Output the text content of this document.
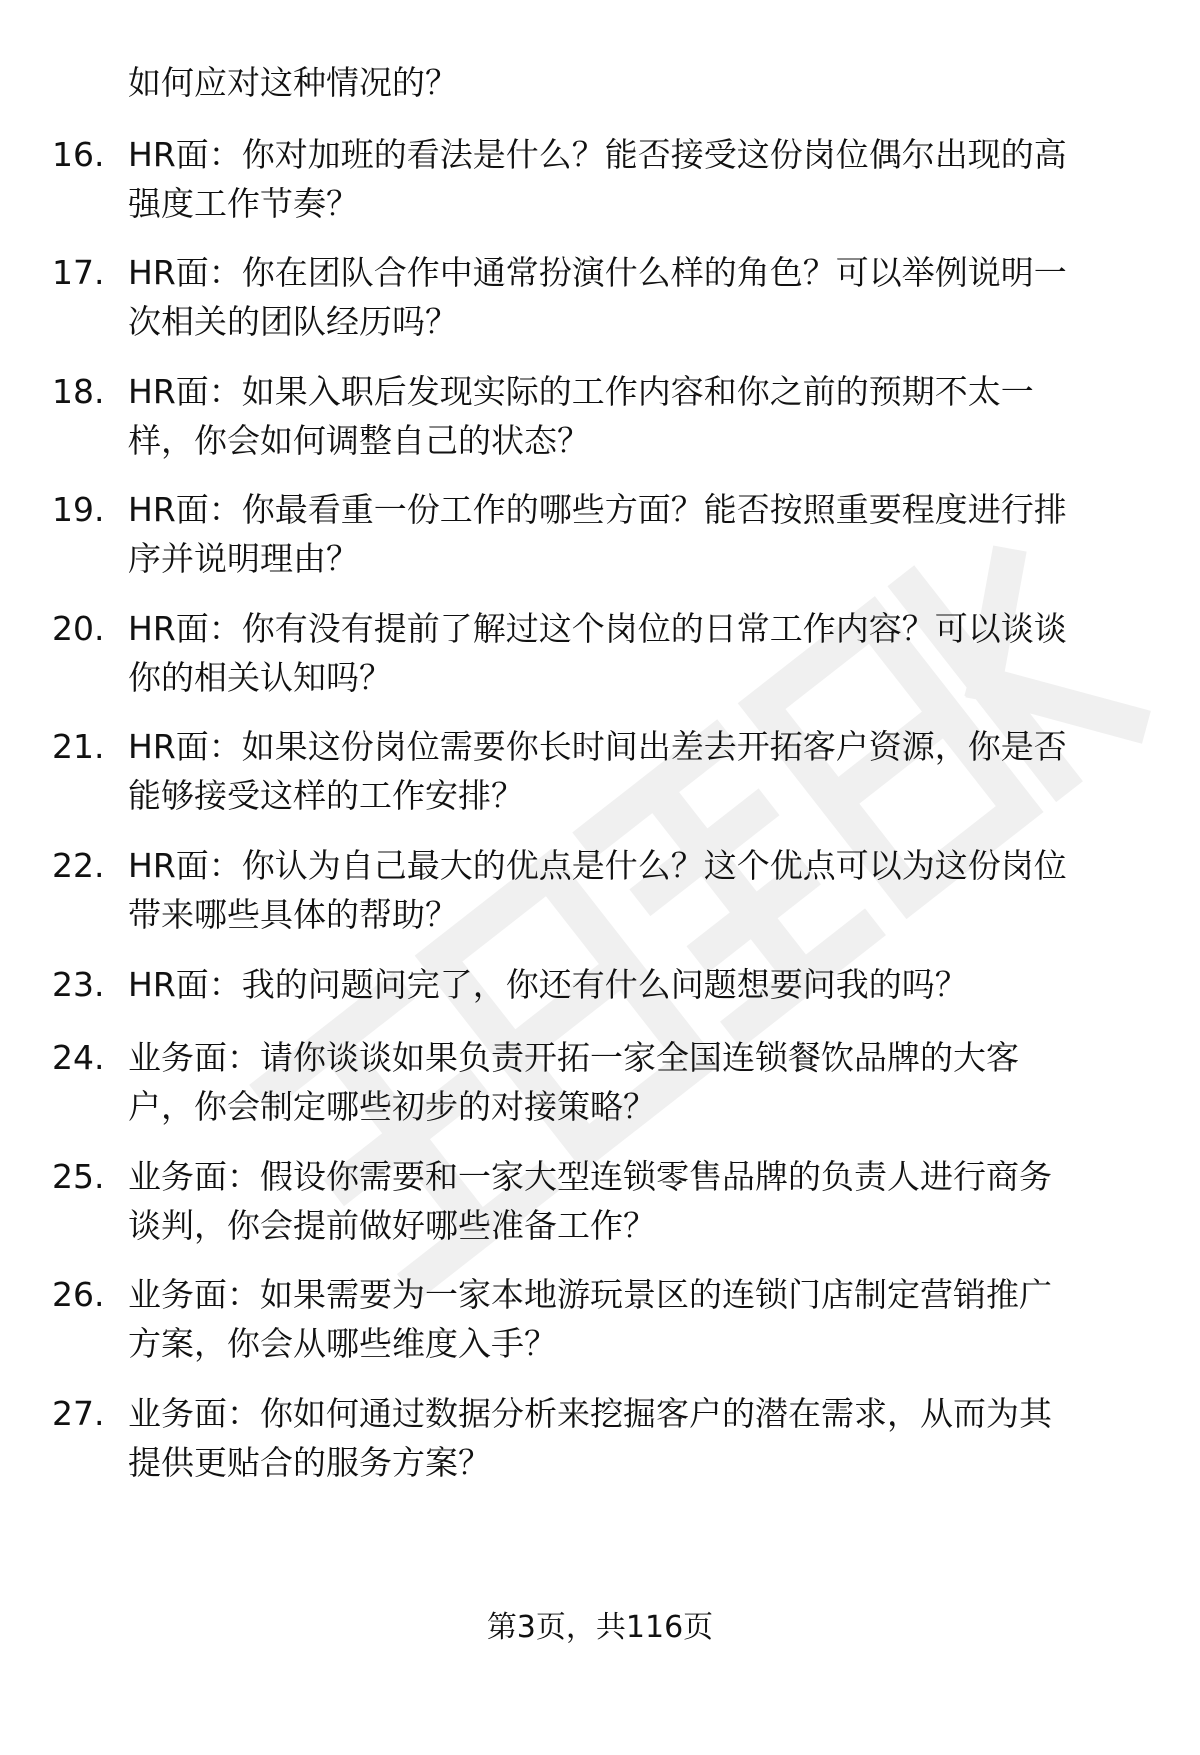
如何应对这种情况的？
16. HR面：你对加班的看法是什么？能否接受这份岗位偶尔出现的高
强度工作节奏？
17. HR面：你在团队合作中通常扮演什么样的角色？可以举例说明一
次相关的团队经历吗？
18. HR面：如果入职后发现实际的工作内容和你之前的预期不太一
样，你会如何调整自己的状态？
19. HR面：你最看重一份工作的哪些方面？能否按照重要程度进行排
序并说明理由？
20. HR面：你有没有提前了解过这个岗位的日常工作内容？可以谈谈
你的相关认知吗？
21. HR面：如果这份岗位需要你长时间出差去开拓客户资源，你是否
能够接受这样的工作安排？
22. HR面：你认为自己最大的优点是什么？这个优点可以为这份岗位
带来哪些具体的帮助？
23. HR面：我的问题问完了，你还有什么问题想要问我的吗？
24. 业务面：请你谈谈如果负责开拓一家全国连锁餐饮品牌的大客
户，你会制定哪些初步的对接策略？
25. 业务面：假设你需要和一家大型连锁零售品牌的负责人进行商务
谈判，你会提前做好哪些准备工作？
26. 业务面：如果需要为一家本地游玩景区的连锁门店制定营销推广
方案，你会从哪些维度入手？
27. 业务面：你如何通过数据分析来挖掘客户的潜在需求，从而为其
提供更贴合的服务方案？
第3页，共116页
